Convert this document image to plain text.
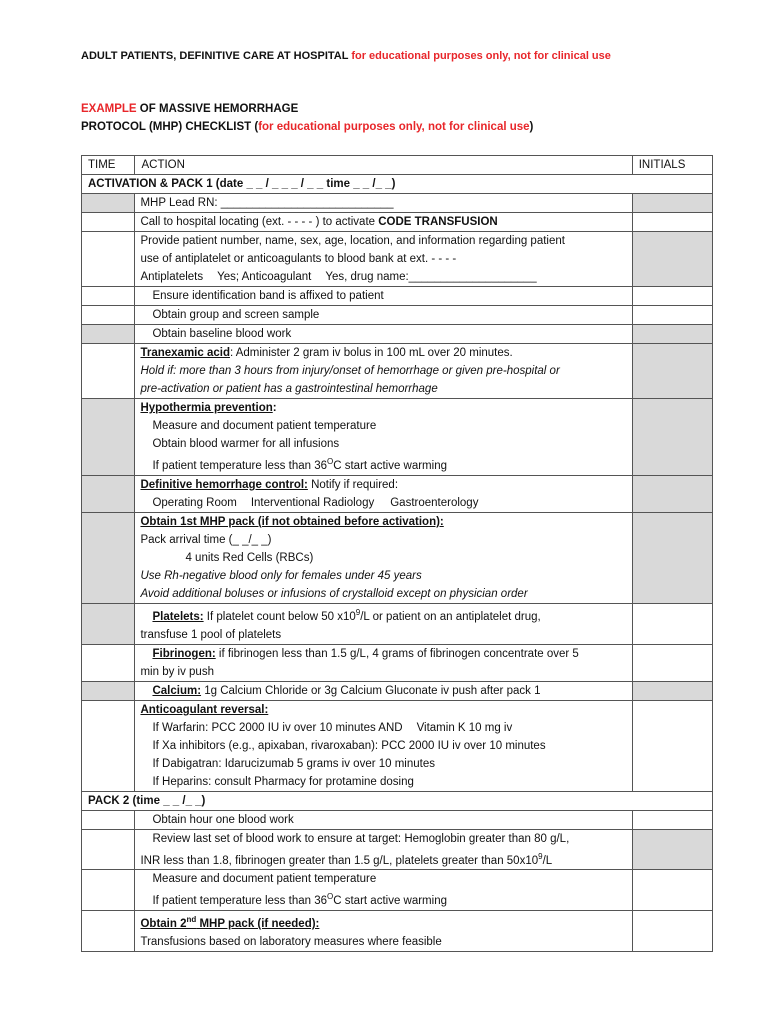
ADULT PATIENTS, DEFINITIVE CARE AT HOSPITAL for educational purposes only, not for clinical use
EXAMPLE OF MASSIVE HEMORRHAGE
PROTOCOL (MHP) CHECKLIST (for educational purposes only, not for clinical use)
TIME	ACTION	INITIALS
ACTIVATION & PACK 1 (date _ _ / _ _ _ / _ _ time _ _ /_ _)		
	MHP Lead RN: ___________________________	
	Call to hospital locating (ext. - - - - ) to activate CODE TRANSFUSION	

	Provide patient number, name, sex, age, location, and information regarding patient
use of antiplatelet or anticoagulants to blood bank at ext. - - - -
Antiplatelets Yes; Anticoagulant Yes, drug name:____________________	

	Ensure identification band is affixed to patient	
	Obtain group and screen sample	
	Obtain baseline blood work	

	Tranexamic acid: Administer 2 gram iv bolus in 100 mL over 20 minutes.
Hold if: more than 3 hours from injury/onset of hemorrhage or given pre-hospital or
pre-activation or patient has a gastrointestinal hemorrhage	

	Hypothermia prevention:
Measure and document patient temperature
Obtain blood warmer for all infusions
If patient temperature less than $36^OC$ start active warming	

	Definitive hemorrhage control: Notify if required:
Operating Room Interventional Radiology Gastroenterology	

	Obtain 1st MHP pack (if not obtained before activation):
Pack arrival time (_ _/_ _)
4 units Red Cells (RBCs)
Use Rh-negative blood only for females under 45 years
Avoid additional boluses or infusions of crystalloid except on physician order	

	Platelets: If platelet count below 50 $x10^9/L$ or patient on an antiplatelet drug,
transfuse 1 pool of platelets	

	Fibrinogen: if fibrinogen less than 1.5 g/L, 4 grams of fibrinogen concentrate over 5
min by iv push	

	Calcium: 1g Calcium Chloride or 3g Calcium Gluconate iv push after pack 1	

	Anticoagulant reversal:
If Warfarin: PCC 2000 IU iv over 10 minutes AND Vitamin K 10 mg iv
If Xa inhibitors (e.g., apixaban, rivaroxaban): PCC 2000 IU iv over 10 minutes
If Dabigatran: Idarucizumab 5 grams iv over 10 minutes
If Heparins: consult Pharmacy for protamine dosing	

PACK 2 (time _ _ /_ _)		
	Obtain hour one blood work	

	Review last set of blood work to ensure at target: Hemoglobin greater than 80 g/L,
INR less than 1.8, fibrinogen greater than 1.5 g/L, platelets greater than $50x10^9/L$	

	Measure and document patient temperature
If patient temperature less than $36^OC$ start active warming	

	Obtain 2nd MHP pack (if needed):
Transfusions based on laboratory measures where feasible	
